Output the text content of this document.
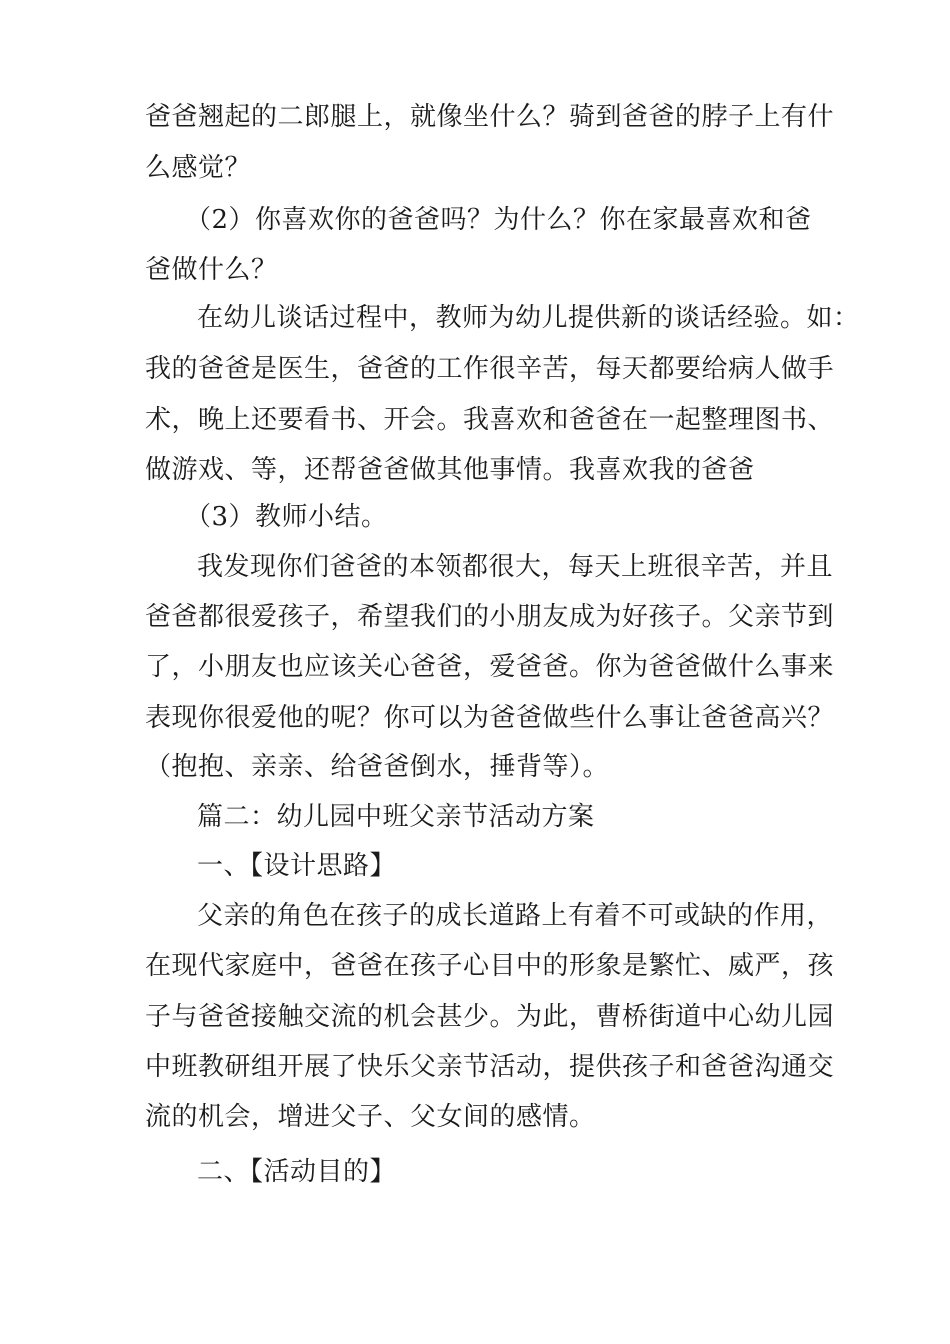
爸爸翘起的二郎腿上，就像坐什么？骑到爸爸的脖子上有什
么感觉？
（2）你喜欢你的爸爸吗？为什么？你在家最喜欢和爸
爸做什么？
在幼儿谈话过程中，教师为幼儿提供新的谈话经验。如：
我的爸爸是医生，爸爸的工作很辛苦，每天都要给病人做手
术，晚上还要看书、开会。我喜欢和爸爸在一起整理图书、
做游戏、等，还帮爸爸做其他事情。我喜欢我的爸爸
（3）教师小结。
我发现你们爸爸的本领都很大，每天上班很辛苦，并且
爸爸都很爱孩子，希望我们的小朋友成为好孩子。父亲节到
了，小朋友也应该关心爸爸，爱爸爸。你为爸爸做什么事来
表现你很爱他的呢？你可以为爸爸做些什么事让爸爸高兴？
（抱抱、亲亲、给爸爸倒水，捶背等）。
篇二：幼儿园中班父亲节活动方案
一、【设计思路】
父亲的角色在孩子的成长道路上有着不可或缺的作用，
在现代家庭中，爸爸在孩子心目中的形象是繁忙、威严，孩
子与爸爸接触交流的机会甚少。为此，曹桥街道中心幼儿园
中班教研组开展了快乐父亲节活动，提供孩子和爸爸沟通交
流的机会，增进父子、父女间的感情。
二、【活动目的】
